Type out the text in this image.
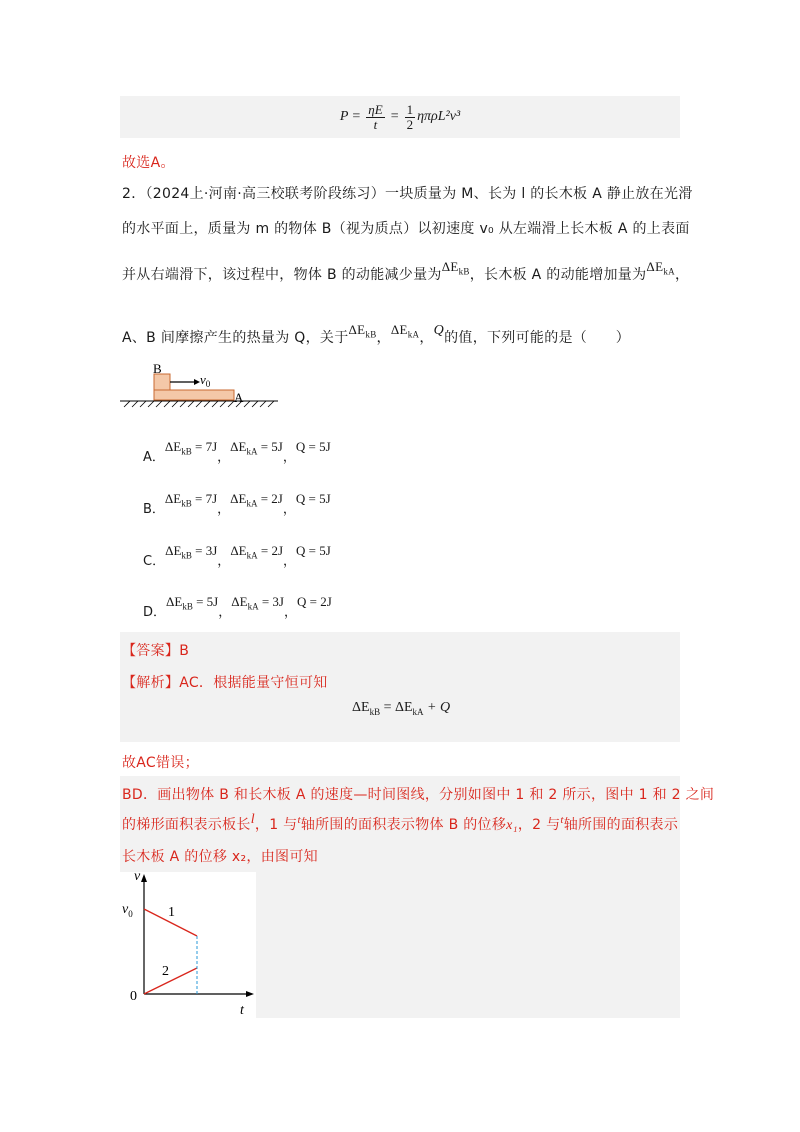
$P = \frac{\eta E}{t} = \frac{1}{2} \eta\pi\rho L^2v^3$
故选A。
2．（2024上·河南·高三校联考阶段练习）一块质量为 M、长为 l 的长木板 A 静止放在光滑
的水平面上，质量为 m 的物体 B（视为质点）以初速度 v₀ 从左端滑上长木板 A 的上表面
并从右端滑下，该过程中，物体 B 的动能减少量为$\Delta E_{kB}$，长木板 A 的动能增加量为$\Delta E_{kA}$，
A、B 间摩擦产生的热量为 Q，关于$\Delta E_{kB}$，$\Delta E_{kA}$，Q的值，下列可能的是（　　）
B
$v_0$
A
A．$\Delta E_{kB} = 7J$，$\Delta E_{kA} = 5J$，Q = 5J
B．$\Delta E_{kB} = 7J$，$\Delta E_{kA} = 2J$，Q = 5J
C．$\Delta E_{kB} = 3J$，$\Delta E_{kA} = 2J$，Q = 5J
D．$\Delta E_{kB} = 5J$，$\Delta E_{kA} = 3J$，Q = 2J
【答案】B
【解析】AC．根据能量守恒可知
$\Delta E_{kB} = \Delta E_{kA} + Q$
故AC错误；
BD．画出物体 B 和长木板 A 的速度—时间图线，分别如图中 1 和 2 所示，图中 1 和 2 之间
的梯形面积表示板长l，1 与$^t$轴所围的面积表示物体 B 的位移x₁，2 与$^t$轴所围的面积表示
长木板 A 的位移 x₂，由图可知
v
$v_0$	1
2
0
t
